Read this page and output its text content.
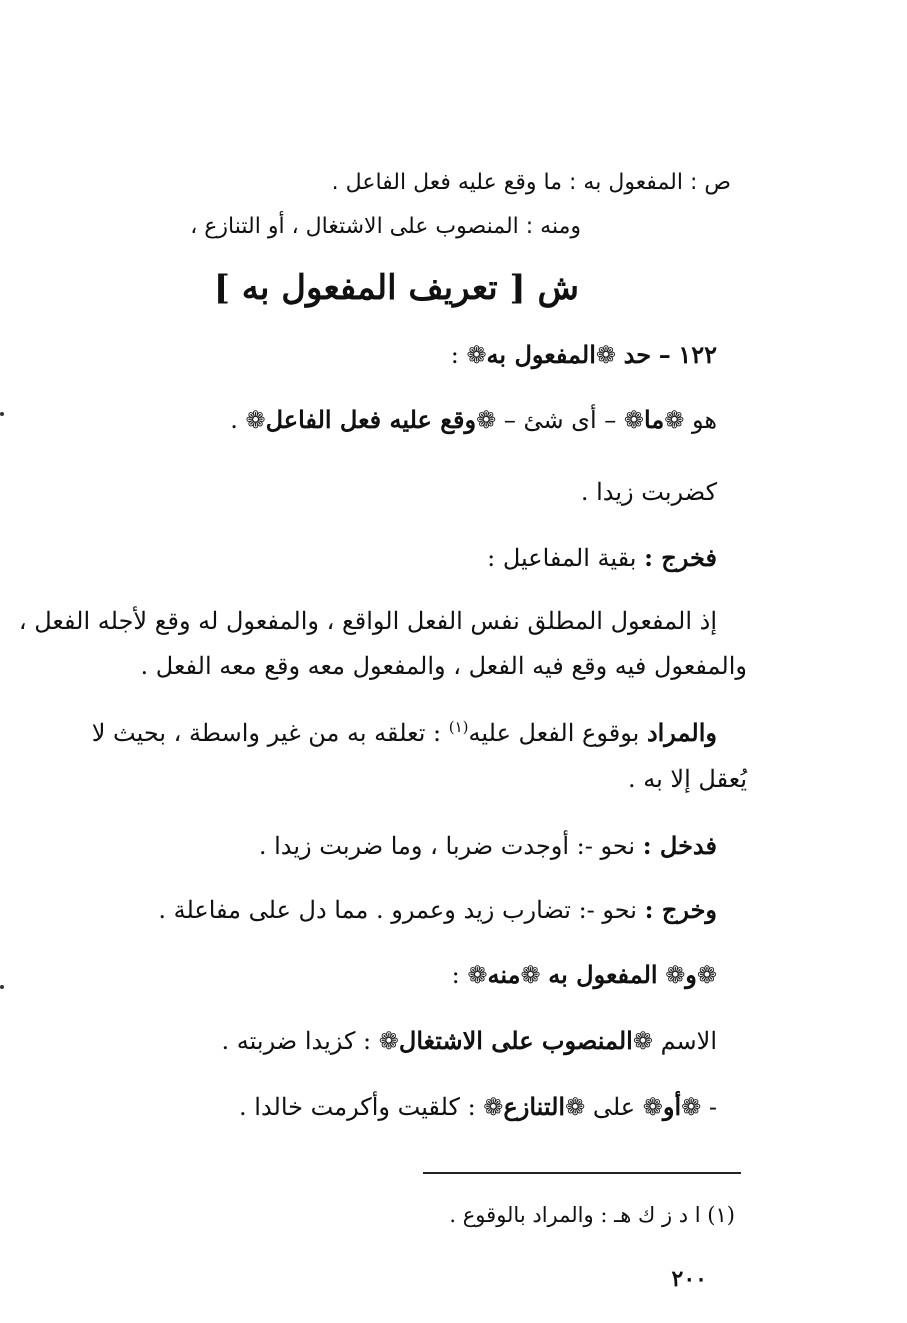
ص : المفعول به : ما وقع عليه فعل الفاعل .
ومنه : المنصوب على الاشتغال ، أو التنازع ،
ش [ تعريف المفعول به ]
١٢٢ – حد ❁المفعول به❁ :
هو ❁ما❁ – أى شئ – ❁وقع عليه فعل الفاعل❁ .
كضربت زيدا .
فخرج : بقية المفاعيل :
إذ المفعول المطلق نفس الفعل الواقع ، والمفعول له وقع لأجله الفعل ،
والمفعول فيه وقع فيه الفعل ، والمفعول معه وقع معه الفعل .
والمراد بوقوع الفعل عليه$^{(١)}$ : تعلقه به من غير واسطة ، بحيث لا
يُعقل إلا به .
فدخل : نحو -: أوجدت ضربا ، وما ضربت زيدا .
وخرج : نحو -: تضارب زيد وعمرو . مما دل على مفاعلة .
❁و❁ المفعول به ❁منه❁ :
الاسم ❁المنصوب على الاشتغال❁ : كزيدا ضربته .
- ❁أو❁ على ❁التنازع❁ : كلقيت وأكرمت خالدا .
(١) ا د ز ك هـ : والمراد بالوقوع .
٢٠٠
